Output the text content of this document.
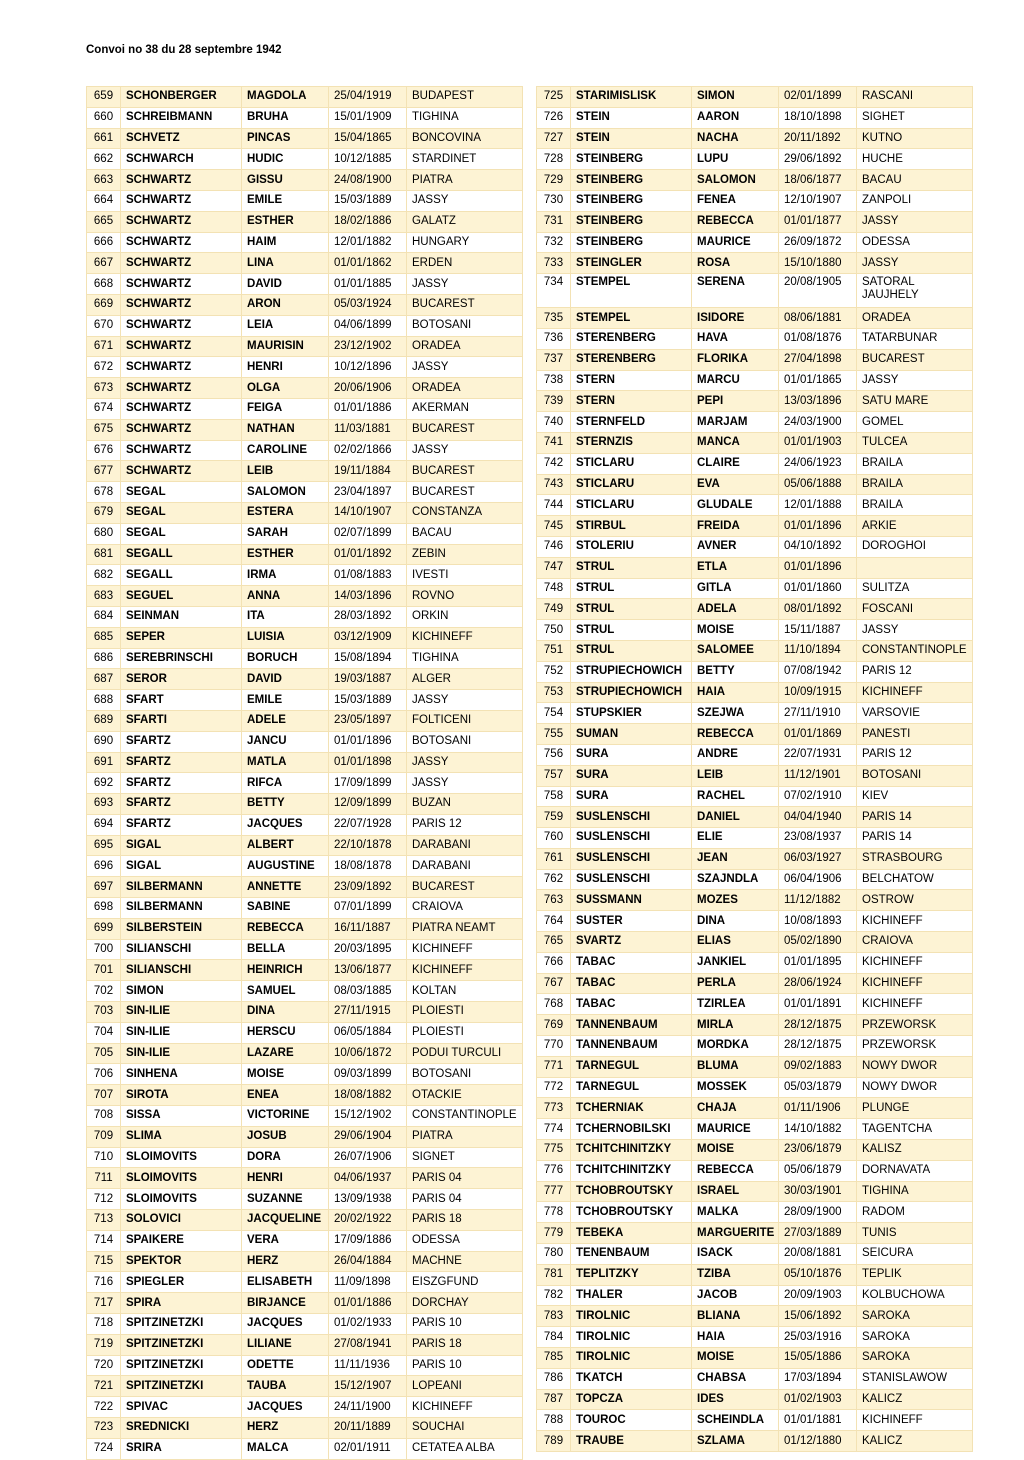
Convoi no 38 du 28 septembre 1942
659	SCHONBERGER	MAGDOLA	25/04/1919	BUDAPEST
660	SCHREIBMANN	BRUHA	15/01/1909	TIGHINA
661	SCHVETZ	PINCAS	15/04/1865	BONCOVINA
662	SCHWARCH	HUDIC	10/12/1885	STARDINET
663	SCHWARTZ	GISSU	24/08/1900	PIATRA
664	SCHWARTZ	EMILE	15/03/1889	JASSY
665	SCHWARTZ	ESTHER	18/02/1886	GALATZ
666	SCHWARTZ	HAIM	12/01/1882	HUNGARY
667	SCHWARTZ	LINA	01/01/1862	ERDEN
668	SCHWARTZ	DAVID	01/01/1885	JASSY
669	SCHWARTZ	ARON	05/03/1924	BUCAREST
670	SCHWARTZ	LEIA	04/06/1899	BOTOSANI
671	SCHWARTZ	MAURISIN	23/12/1902	ORADEA
672	SCHWARTZ	HENRI	10/12/1896	JASSY
673	SCHWARTZ	OLGA	20/06/1906	ORADEA
674	SCHWARTZ	FEIGA	01/01/1886	AKERMAN
675	SCHWARTZ	NATHAN	11/03/1881	BUCAREST
676	SCHWARTZ	CAROLINE	02/02/1866	JASSY
677	SCHWARTZ	LEIB	19/11/1884	BUCAREST
678	SEGAL	SALOMON	23/04/1897	BUCAREST
679	SEGAL	ESTERA	14/10/1907	CONSTANZA
680	SEGAL	SARAH	02/07/1899	BACAU
681	SEGALL	ESTHER	01/01/1892	ZEBIN
682	SEGALL	IRMA	01/08/1883	IVESTI
683	SEGUEL	ANNA	14/03/1896	ROVNO
684	SEINMAN	ITA	28/03/1892	ORKIN
685	SEPER	LUISIA	03/12/1909	KICHINEFF
686	SEREBRINSCHI	BORUCH	15/08/1894	TIGHINA
687	SEROR	DAVID	19/03/1887	ALGER
688	SFART	EMILE	15/03/1889	JASSY
689	SFARTI	ADELE	23/05/1897	FOLTICENI
690	SFARTZ	JANCU	01/01/1896	BOTOSANI
691	SFARTZ	MATLA	01/01/1898	JASSY
692	SFARTZ	RIFCA	17/09/1899	JASSY
693	SFARTZ	BETTY	12/09/1899	BUZAN
694	SFARTZ	JACQUES	22/07/1928	PARIS 12
695	SIGAL	ALBERT	22/10/1878	DARABANI
696	SIGAL	AUGUSTINE	18/08/1878	DARABANI
697	SILBERMANN	ANNETTE	23/09/1892	BUCAREST
698	SILBERMANN	SABINE	07/01/1899	CRAIOVA
699	SILBERSTEIN	REBECCA	16/11/1887	PIATRA NEAMT
700	SILIANSCHI	BELLA	20/03/1895	KICHINEFF
701	SILIANSCHI	HEINRICH	13/06/1877	KICHINEFF
702	SIMON	SAMUEL	08/03/1885	KOLTAN
703	SIN-ILIE	DINA	27/11/1915	PLOIESTI
704	SIN-ILIE	HERSCU	06/05/1884	PLOIESTI
705	SIN-ILIE	LAZARE	10/06/1872	PODUI TURCULI
706	SINHENA	MOISE	09/03/1899	BOTOSANI
707	SIROTA	ENEA	18/08/1882	OTACKIE
708	SISSA	VICTORINE	15/12/1902	CONSTANTINOPLE
709	SLIMA	JOSUB	29/06/1904	PIATRA
710	SLOIMOVITS	DORA	26/07/1906	SIGNET
711	SLOIMOVITS	HENRI	04/06/1937	PARIS 04
712	SLOIMOVITS	SUZANNE	13/09/1938	PARIS 04
713	SOLOVICI	JACQUELINE	20/02/1922	PARIS 18
714	SPAIKERE	VERA	17/09/1886	ODESSA
715	SPEKTOR	HERZ	26/04/1884	MACHNE
716	SPIEGLER	ELISABETH	11/09/1898	EISZGFUND
717	SPIRA	BIRJANCE	01/01/1886	DORCHAY
718	SPITZINETZKI	JACQUES	01/02/1933	PARIS 10
719	SPITZINETZKI	LILIANE	27/08/1941	PARIS 18
720	SPITZINETZKI	ODETTE	11/11/1936	PARIS 10
721	SPITZINETZKI	TAUBA	15/12/1907	LOPEANI
722	SPIVAC	JACQUES	24/11/1900	KICHINEFF
723	SREDNICKI	HERZ	20/11/1889	SOUCHAI
724	SRIRA	MALCA	02/01/1911	CETATEA ALBA
725	STARIMISLISK	SIMON	02/01/1899	RASCANI
726	STEIN	AARON	18/10/1898	SIGHET
727	STEIN	NACHA	20/11/1892	KUTNO
728	STEINBERG	LUPU	29/06/1892	HUCHE
729	STEINBERG	SALOMON	18/06/1877	BACAU
730	STEINBERG	FENEA	12/10/1907	ZANPOLI
731	STEINBERG	REBECCA	01/01/1877	JASSY
732	STEINBERG	MAURICE	26/09/1872	ODESSA
733	STEINGLER	ROSA	15/10/1880	JASSY
734	STEMPEL	SERENA	20/08/1905	SATORAL JAUJHELY
735	STEMPEL	ISIDORE	08/06/1881	ORADEA
736	STERENBERG	HAVA	01/08/1876	TATARBUNAR
737	STERENBERG	FLORIKA	27/04/1898	BUCAREST
738	STERN	MARCU	01/01/1865	JASSY
739	STERN	PEPI	13/03/1896	SATU MARE
740	STERNFELD	MARJAM	24/03/1900	GOMEL
741	STERNZIS	MANCA	01/01/1903	TULCEA
742	STICLARU	CLAIRE	24/06/1923	BRAILA
743	STICLARU	EVA	05/06/1888	BRAILA
744	STICLARU	GLUDALE	12/01/1888	BRAILA
745	STIRBUL	FREIDA	01/01/1896	ARKIE
746	STOLERIU	AVNER	04/10/1892	DOROGHOI
747	STRUL	ETLA	01/01/1896	
748	STRUL	GITLA	01/01/1860	SULITZA
749	STRUL	ADELA	08/01/1892	FOSCANI
750	STRUL	MOISE	15/11/1887	JASSY
751	STRUL	SALOMEE	11/10/1894	CONSTANTINOPLE
752	STRUPIECHOWICH	BETTY	07/08/1942	PARIS 12
753	STRUPIECHOWICH	HAIA	10/09/1915	KICHINEFF
754	STUPSKIER	SZEJWA	27/11/1910	VARSOVIE
755	SUMAN	REBECCA	01/01/1869	PANESTI
756	SURA	ANDRE	22/07/1931	PARIS 12
757	SURA	LEIB	11/12/1901	BOTOSANI
758	SURA	RACHEL	07/02/1910	KIEV
759	SUSLENSCHI	DANIEL	04/04/1940	PARIS 14
760	SUSLENSCHI	ELIE	23/08/1937	PARIS 14
761	SUSLENSCHI	JEAN	06/03/1927	STRASBOURG
762	SUSLENSCHI	SZAJNDLA	06/04/1906	BELCHATOW
763	SUSSMANN	MOZES	11/12/1882	OSTROW
764	SUSTER	DINA	10/08/1893	KICHINEFF
765	SVARTZ	ELIAS	05/02/1890	CRAIOVA
766	TABAC	JANKIEL	01/01/1895	KICHINEFF
767	TABAC	PERLA	28/06/1924	KICHINEFF
768	TABAC	TZIRLEA	01/01/1891	KICHINEFF
769	TANNENBAUM	MIRLA	28/12/1875	PRZEWORSK
770	TANNENBAUM	MORDKA	28/12/1875	PRZEWORSK
771	TARNEGUL	BLUMA	09/02/1883	NOWY DWOR
772	TARNEGUL	MOSSEK	05/03/1879	NOWY DWOR
773	TCHERNIAK	CHAJA	01/11/1906	PLUNGE
774	TCHERNOBILSKI	MAURICE	14/10/1882	TAGENTCHA
775	TCHITCHINITZKY	MOISE	23/06/1879	KALISZ
776	TCHITCHINITZKY	REBECCA	05/06/1879	DORNAVATA
777	TCHOBROUTSKY	ISRAEL	30/03/1901	TIGHINA
778	TCHOBROUTSKY	MALKA	28/09/1900	RADOM
779	TEBEKA	MARGUERITE	27/03/1889	TUNIS
780	TENENBAUM	ISACK	20/08/1881	SEICURA
781	TEPLITZKY	TZIBA	05/10/1876	TEPLIK
782	THALER	JACOB	20/09/1903	KOLBUCHOWA
783	TIROLNIC	BLIANA	15/06/1892	SAROKA
784	TIROLNIC	HAIA	25/03/1916	SAROKA
785	TIROLNIC	MOISE	15/05/1886	SAROKA
786	TKATCH	CHABSA	17/03/1894	STANISLAWOW
787	TOPCZA	IDES	01/02/1903	KALICZ
788	TOUROC	SCHEINDLA	01/01/1881	KICHINEFF
789	TRAUBE	SZLAMA	01/12/1880	KALICZ
